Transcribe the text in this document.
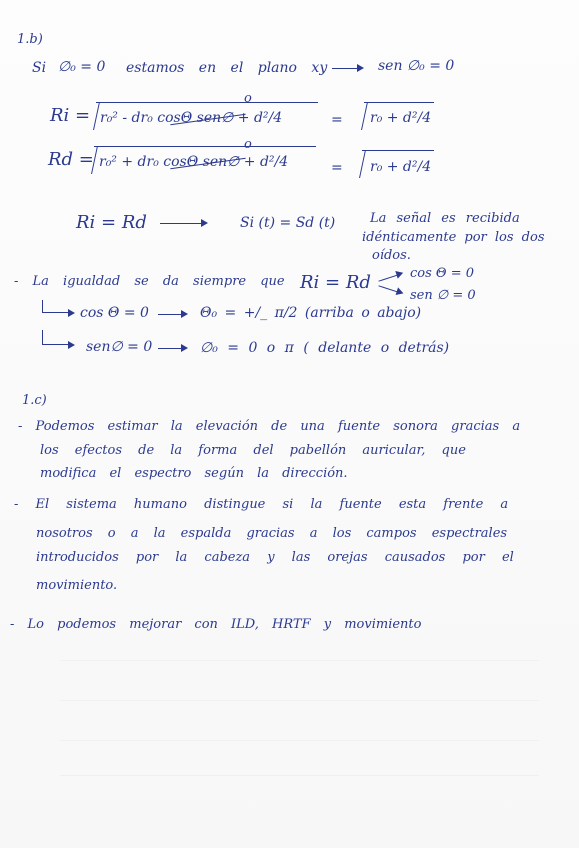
1.b)
Si ∅₀ = 0 estamos en el plano xy	sen ∅₀ = 0
Ri = r₀² - dr₀ cosΘ sen∅ + d²/4
o
= r₀ + d²/4
Rd = r₀² + dr₀ cosΘ sen∅ + d²/4
o
= r₀ + d²/4
Ri = Rd	Si (t) = Sd (t)	La señal es recibida
idénticamente por los dos
oídos.
- La igualdad se da siempre que Ri = Rd	cos Θ = 0
sen ∅ = 0
cos Θ = 0	Θ₀ = +/_ π/2 (arriba o abajo)
sen∅ = 0	∅₀ = 0 o π ( delante o detrás)
1.c)
- Podemos estimar la elevación de una fuente sonora gracias a
los efectos de la forma del pabellón auricular, que
modifica el espectro según la dirección.
- El sistema humano distingue si la fuente esta frente a
nosotros o a la espalda gracias a los campos espectrales
introducidos por la cabeza y las orejas causados por el
movimiento.
- Lo podemos mejorar con ILD, HRTF y movimiento
